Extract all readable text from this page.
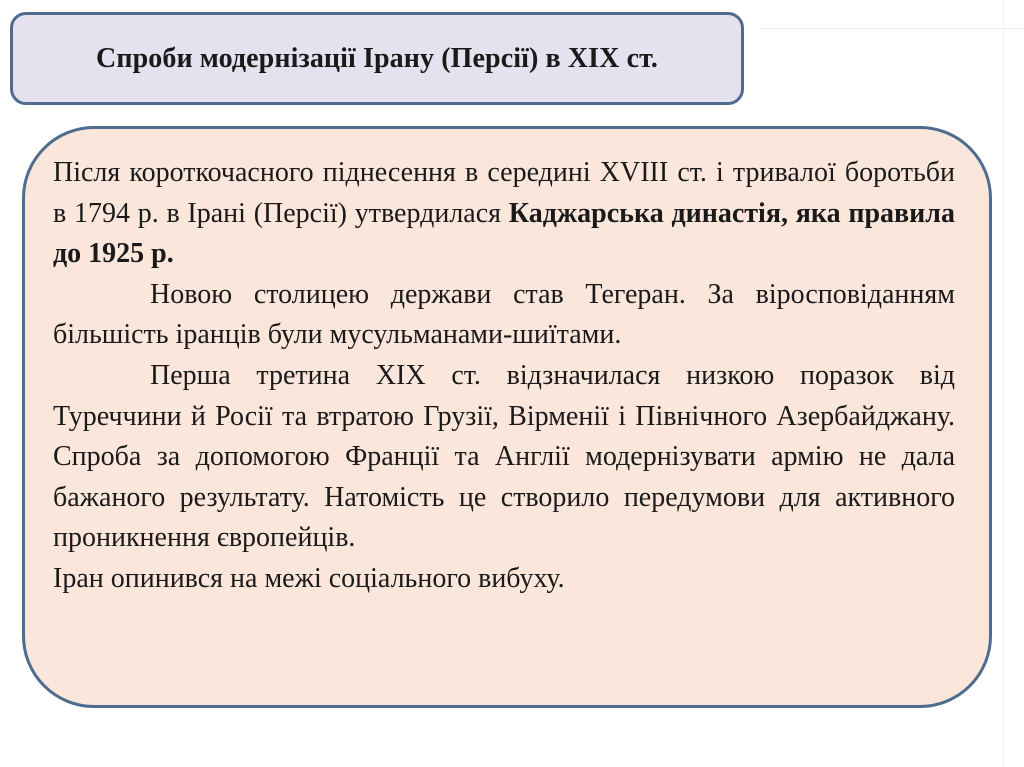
Спроби модернізації Ірану (Персії) в ХІХ ст.

Після короткочасного піднесення в середині XVIII ст. і тривалої боротьби в 1794 р. в Ірані (Персії) утвердилася Каджарська династія, яка правила до 1925 р.

Новою столицею держави став Тегеран. За віросповіданням більшість іранців були мусульманами-шиїтами.

Перша третина ХІХ ст. відзначилася низкою поразок від Туреччини й Росії та втратою Грузії, Вірменії і Північного Азербайджану. Спроба за допомогою Франції та Англії модернізувати армію не дала бажаного результату. Натомість це створило передумови для активного проникнення європейців.

Іран опинився на межі соціального вибуху.
